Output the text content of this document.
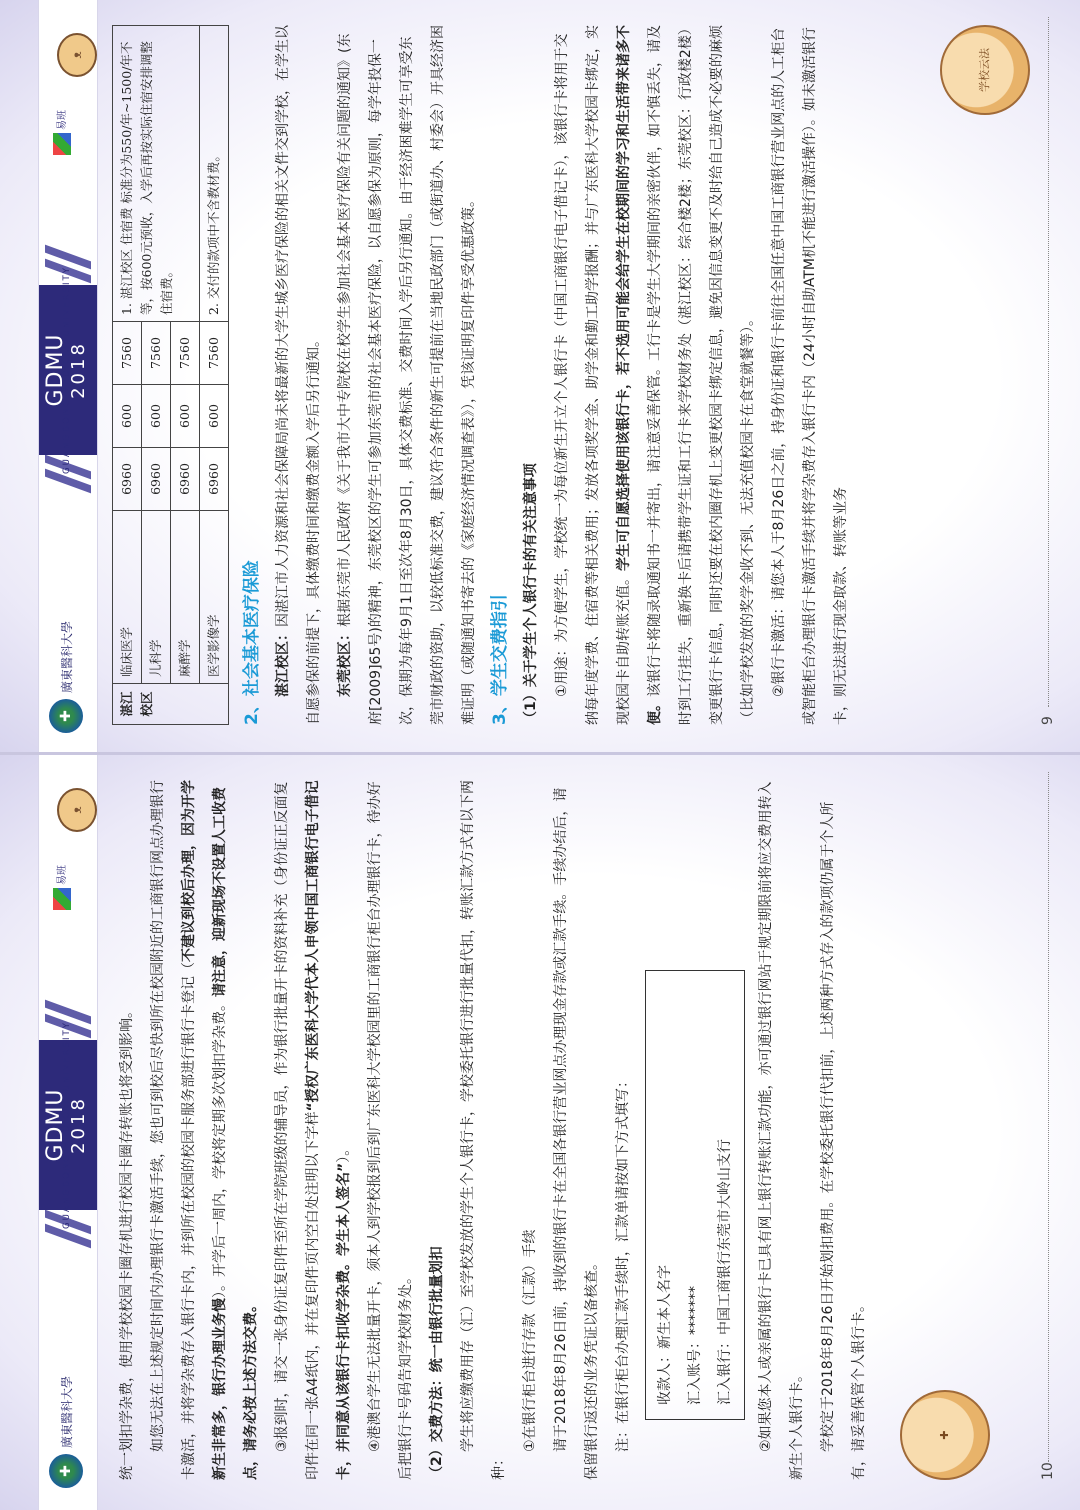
✚
廣東醫科大學
GDMU 2018
易班
ᴥ
GUANGDONG MEDICAL UNIVERSITY
湛江校区	临床医学	6960	600	7560	1. 湛江校区 住宿费 标准分为550/年~1500/年不等，按600元预收，入学后再按实际住宿安排调整住宿费。
	儿科学	6960	600	7560	
	麻醉学	6960	600	7560	
	医学影像学	6960	600	7560	2. 交付的款项中不含教材费。

2、社会基本医疗保险 湛江校区：因湛江市人力资源和社会保障局尚未将最新的大学生城乡医疗保险的相关文件交到学校，在学生以自愿参保的前提下，具体缴费时间和缴费金额入学后另行通知。	东莞校区：根据东莞市人民政府《关于我市大中专院校在校学生参加社会基本医疗保险有关问题的通知》(东府[2009]65号)的精神，东莞校区的学生可参加东莞市的社会基本医疗保险，以自愿参保为原则，每学年投保一次，保期为每年9月1日至次年8月30日，具体交费标准、交费时间入学后另行通知。由于经济困难学生可享受东莞市财政的资助，以较低标准交费，建议符合条件的新生可提前在当地民政部门（或街道办、村委会）开具经济困难证明（或随通知书寄去的《家庭经济情况调查表》），凭该证明复印件享受优惠政策。 3、学生交费指引 （1）关于学生个人银行卡的有关注意事项	①用途：为方便学生，学校统一为每位新生开立个人银行卡（中国工商银行电子借记卡），该银行卡将用于交纳每年度学费、住宿费等相关费用；发放各项奖学金、助学金和勤工助学报酬；并与广东医科大学校园卡绑定，实现校园卡自助转账充值。学生可自愿选择使用该银行卡，若不选用可能会给学生在校期间的学习和生活带来诸多不便。该银行卡将随录取通知书一并寄出，请注意妥善保管。工行卡是学生大学期间的亲密伙伴，如不慎丢失，请及时到工行挂失，重新换卡后请携带学生证和工行卡来学校财务处（湛江校区：综合楼2楼；东莞校区：行政楼2楼）变更银行卡信息，同时还要在校内圈存机上变更校园卡绑定信息，避免因信息变更不及时给自己造成不必要的麻烦（比如学校发放的奖学金收不到、无法充值校园卡在食堂就餐等）。	②银行卡激活：请您本人于8月26日之前，持身份证和银行卡前往全国任意中国工商银行营业网点的人工柜台或智能柜台办理银行卡激活手续并将学杂费存入银行卡内（24小时自助ATM机不能进行激活操作）。如未激活银行卡，则无法进行现金取款、转账等业务

学校云法
9
✚
廣東醫科大學
GDMU 2018
易班
ᴥ
GUANGDONG MEDICAL UNIVERSITY	统一划扣学杂费，使用学校校园卡圈存机进行校园卡圈存转账也将受到影响。	如您无法在上述规定时间内办理银行卡激活手续，您也可到校后尽快到所在校园附近的工商银行网点办理银行卡激活，并将学杂费存入银行卡内，并到所在校园的校园卡服务部进行银行卡登记（不建议到校后办理，因为开学新生非常多，银行办理业务慢）。开学后一周内，学校将定期多次划扣学杂费。请注意，迎新现场不设置人工收费点，请务必按上述方法交费。	③报到时，请交一张身份证复印件至所在学院班级的辅导员，作为银行批量开卡的资料补充（身份证正反面复印件在同一张A4纸内，并在复印件页内空白处注明以下字样“授权广东医科大学代本人申领中国工商银行电子借记卡，并同意从该银行卡扣收学杂费。学生本人签名”）。	④港澳台学生无法批量开卡，须本人到学校报到后到广东医科大学校园里的工商银行柜台办理银行卡，待办好后把银行卡号码告知学校财务处。	（2）交费方法：统一由银行批量划扣	学生将应缴费用存（汇）至学校发放的学生个人银行卡，学校委托银行进行批量代扣，转账汇款方式有以下两种：

①在银行柜台进行存款（汇款）手续	请于2018年8月26日前，持收到的银行卡在全国各银行营业网点办理现金存款或汇款手续。手续办结后，请保留银行返还的业务凭证以备核查。	注：在银行柜台办理汇款手续时，汇款单请按如下方式填写：	收款人：新生本人名字	汇入账号：*******	汇入银行：中国工商银行东莞市大岭山支行	②如果您本人或亲属的银行卡已具有网上银行转账汇款功能，亦可通过银行网站于规定期限前将应交费用转入新生个人银行卡。	学校定于2018年8月26日开始划扣费用。在学校委托银行代扣前，上述两种方式存入的款项仍属于个人所有，请妥善保管个人银行卡。	✚
10
